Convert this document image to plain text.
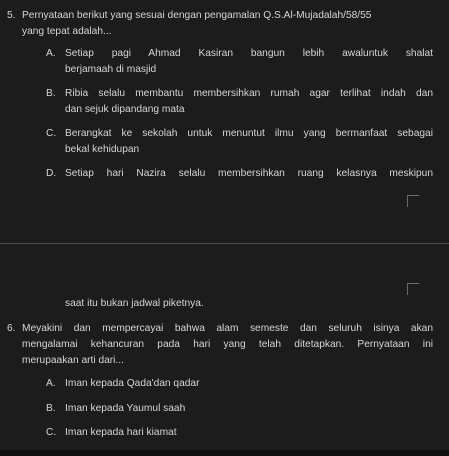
5. Pernyataan berikut yang sesuai dengan pengamalan Q.S.Al-Mujadalah/58/55
yang tepat adalah...
A. Setiap pagi Ahmad Kasiran bangun lebih awaluntuk shalat
berjamaah di masjid
B. Ribia selalu membantu membersihkan rumah agar terlihat indah dan
dan sejuk dipandang mata
C. Berangkat ke sekolah untuk menuntut ilmu yang bermanfaat sebagai
bekal kehidupan
D. Setiap hari Nazira selalu membersihkan ruang kelasnya meskipun
saat itu bukan jadwal piketnya.
6. Meyakini dan mempercayai bahwa alam semeste dan seluruh isinya akan
mengalamai kehancuran pada hari yang telah ditetapkan. Pernyataan ini
merupaakan arti dari...
A. Iman kepada Qada'dan qadar
B. Iman kepada Yaumul saah
C. Iman kepada hari kiamat
